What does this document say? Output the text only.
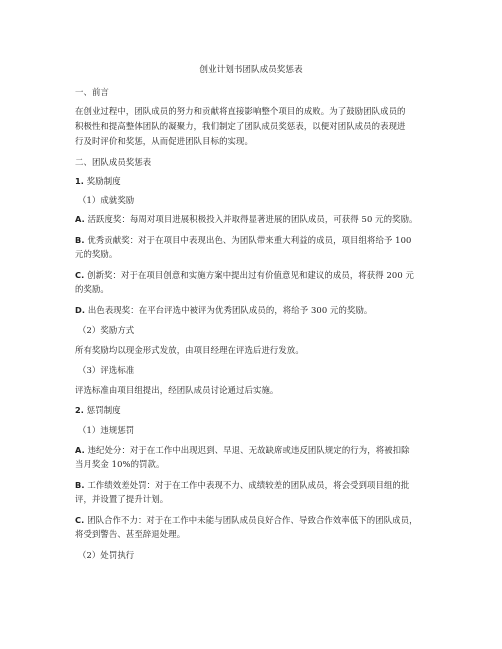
创业计划书团队成员奖惩表
一、前言
在创业过程中，团队成员的努力和贡献将直接影响整个项目的成败。为了鼓励团队成员的
积极性和提高整体团队的凝聚力，我们制定了团队成员奖惩表，以便对团队成员的表现进
行及时评价和奖惩，从而促进团队目标的实现。
二、团队成员奖惩表
1. 奖励制度
（1）成就奖励
A. 活跃度奖：每周对项目进展积极投入并取得显著进展的团队成员，可获得 50 元的奖励。
B. 优秀贡献奖：对于在项目中表现出色、为团队带来重大利益的成员，项目组将给予 100
元的奖励。
C. 创新奖：对于在项目创意和实施方案中提出过有价值意见和建议的成员，将获得 200 元
的奖励。
D. 出色表现奖：在平台评选中被评为优秀团队成员的，将给予 300 元的奖励。
（2）奖励方式
所有奖励均以现金形式发放，由项目经理在评选后进行发放。
（3）评选标准
评选标准由项目组提出，经团队成员讨论通过后实施。
2. 惩罚制度
（1）违规惩罚
A. 违纪处分：对于在工作中出现迟到、早退、无故缺席或违反团队规定的行为，将被扣除
当月奖金 10%的罚款。
B. 工作绩效差处罚：对于在工作中表现不力、成绩较差的团队成员，将会受到项目组的批
评，并设置了提升计划。
C. 团队合作不力：对于在工作中未能与团队成员良好合作、导致合作效率低下的团队成员，
将受到警告、甚至辞退处理。
（2）处罚执行
